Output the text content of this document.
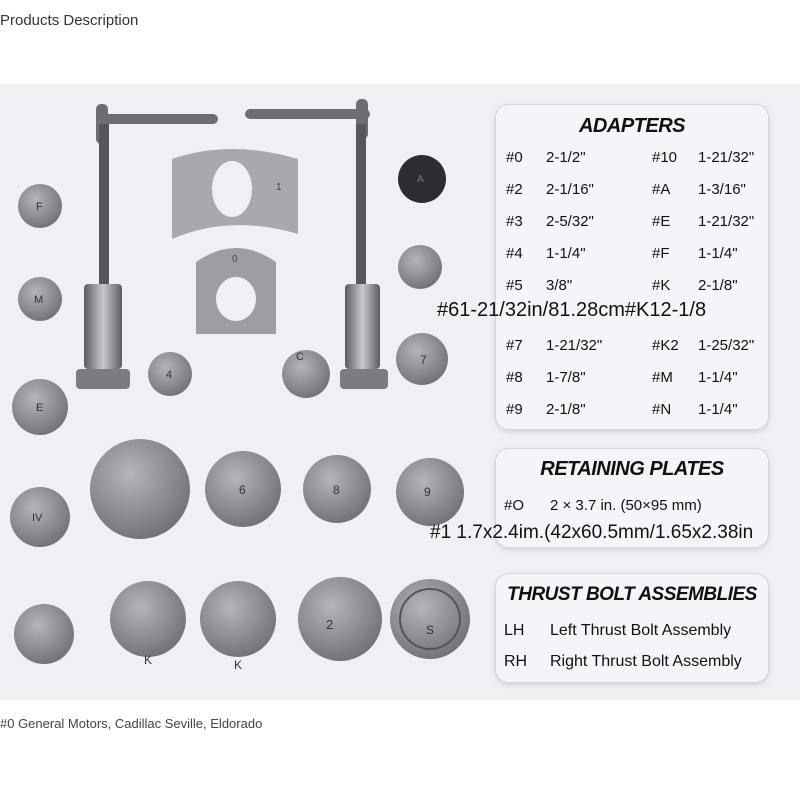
Products Description
1
0
F
M
E
IV
4
C
A
7
9
6	8
K	K
2	S
ADAPTERS
#0 2-1/2"	#10 1-21/32"
#2 2-1/16"	#A 1-3/16"
#3 2-5/32"	#E 1-21/32"
#4 1-1/4"	#F 1-1/4"
#5 3/8"	#K 2-1/8"
#7 1-21/32"	#K2 1-25/32"
#8 1-7/8"	#M 1-1/4"
#9 2-1/8"	#N 1-1/4"
#61-21/32in/81.28cm#K12-1/8
RETAINING PLATES
#O 2 × 3.7 in. (50×95 mm)
#1 1.7x2.4im.(42x60.5mm/1.65x2.38in
THRUST BOLT ASSEMBLIES
LH Left Thrust Bolt Assembly
RH Right Thrust Bolt Assembly
#0 General Motors, Cadillac Seville, Eldorado
